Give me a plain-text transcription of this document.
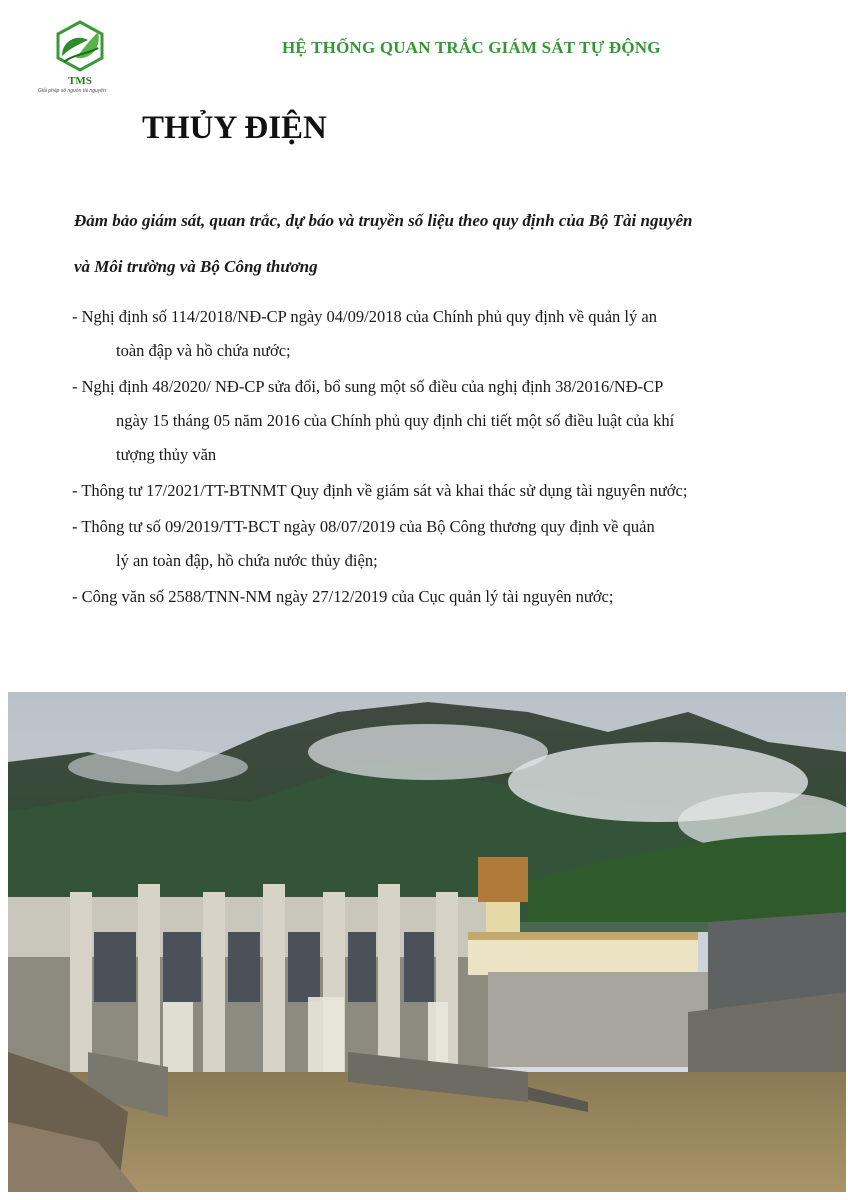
TMS
Giải pháp số nguồn tài nguyên
HỆ THỐNG QUAN TRẮC GIÁM SÁT TỰ ĐỘNG
THỦY ĐIỆN
Đảm bảo giám sát, quan trắc, dự báo và truyền số liệu theo quy định của Bộ Tài nguyên
và Môi trường và Bộ Công thương
- Nghị định số 114/2018/NĐ-CP ngày 04/09/2018 của Chính phủ quy định về quản lý an
toàn đập và hồ chứa nước;
- Nghị định 48/2020/ NĐ-CP sửa đổi, bổ sung một số điều của nghị định 38/2016/NĐ-CP
ngày 15 tháng 05 năm 2016 của Chính phủ quy định chi tiết một số điều luật của khí
tượng thủy văn
- Thông tư 17/2021/TT-BTNMT Quy định về giám sát và khai thác sử dụng tài nguyên nước;
- Thông tư số 09/2019/TT-BCT ngày 08/07/2019 của Bộ Công thương quy định về quản
lý an toàn đập, hồ chứa nước thủy điện;
- Công văn số 2588/TNN-NM ngày 27/12/2019 của Cục quản lý tài nguyên nước;
